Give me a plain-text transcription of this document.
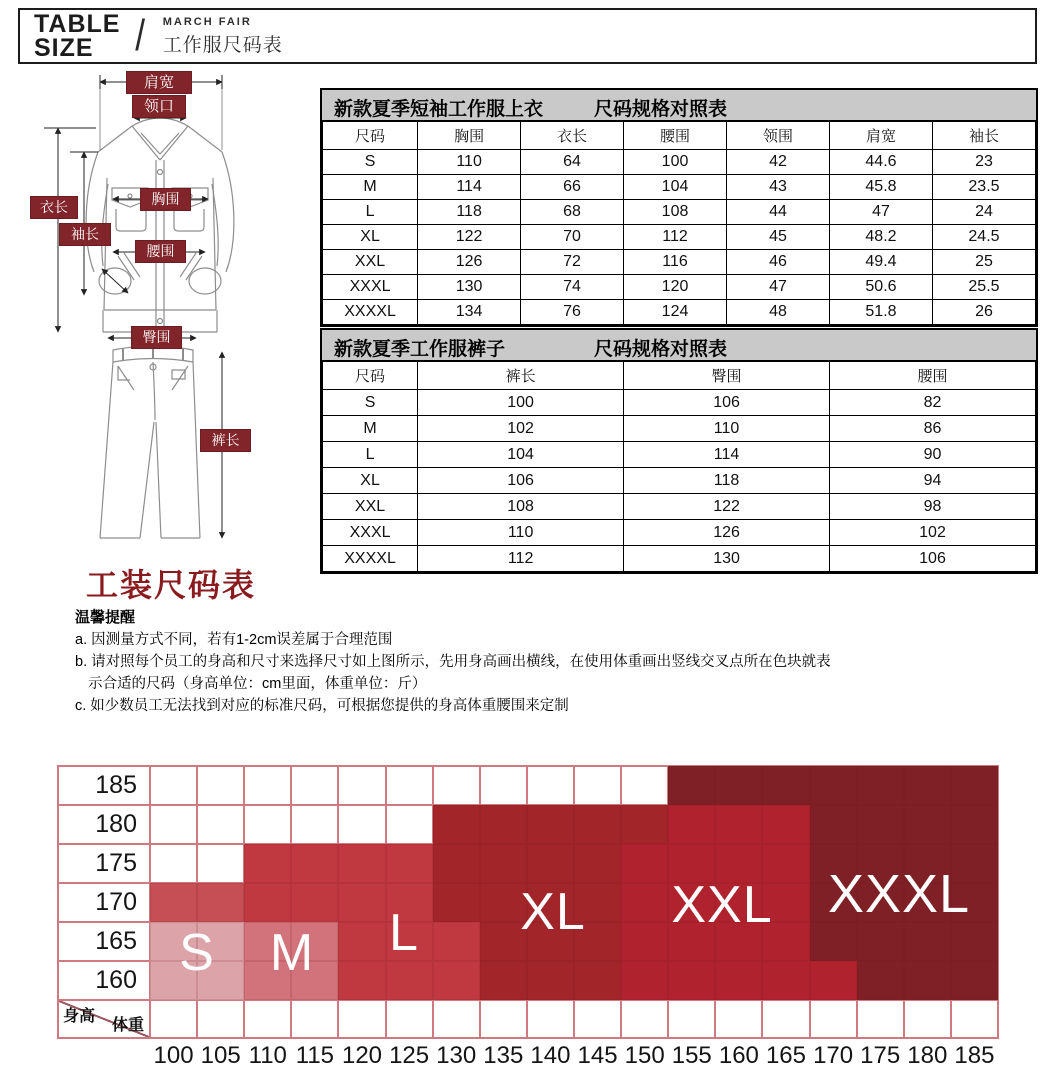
TABLE
SIZE / MARCH FAIR
工作服尺码表
肩宽
领口
衣长
袖长
胸围
腰围
臀围
裤长
新款夏季短袖工作服上衣	尺码规格对照表
尺码	胸围	衣长	腰围	领围	肩宽	袖长
S	110	64	100	42	44.6	23
M	114	66	104	43	45.8	23.5
L	118	68	108	44	47	24
XL	122	70	112	45	48.2	24.5
XXL	126	72	116	46	49.4	25
XXXL	130	74	120	47	50.6	25.5
XXXXL	134	76	124	48	51.8	26
新款夏季工作服裤子	尺码规格对照表
尺码	裤长	臀围	腰围
S	100	106	82
M	102	110	86
L	104	114	90
XL	106	118	94
XXL	108	122	98
XXXL	110	126	102
XXXXL	112	130	106
工装尺码表
温馨提醒
a. 因测量方式不同，若有1-2cm误差属于合理范围
b. 请对照每个员工的身高和尺寸来选择尺寸如上图所示，先用身高画出横线，在使用体重画出竖线交叉点所在色块就表
示合适的尺码（身高单位：cm里面，体重单位：斤）
c. 如少数员工无法找到对应的标准尺码，可根据您提供的身高体重腰围来定制
185
180
175
170
165
160
身高
体重
100 105 110 115 120 125 130 135 140 145 150 155 160 165 170 175 180 185
S M L XL XXL XXXL
